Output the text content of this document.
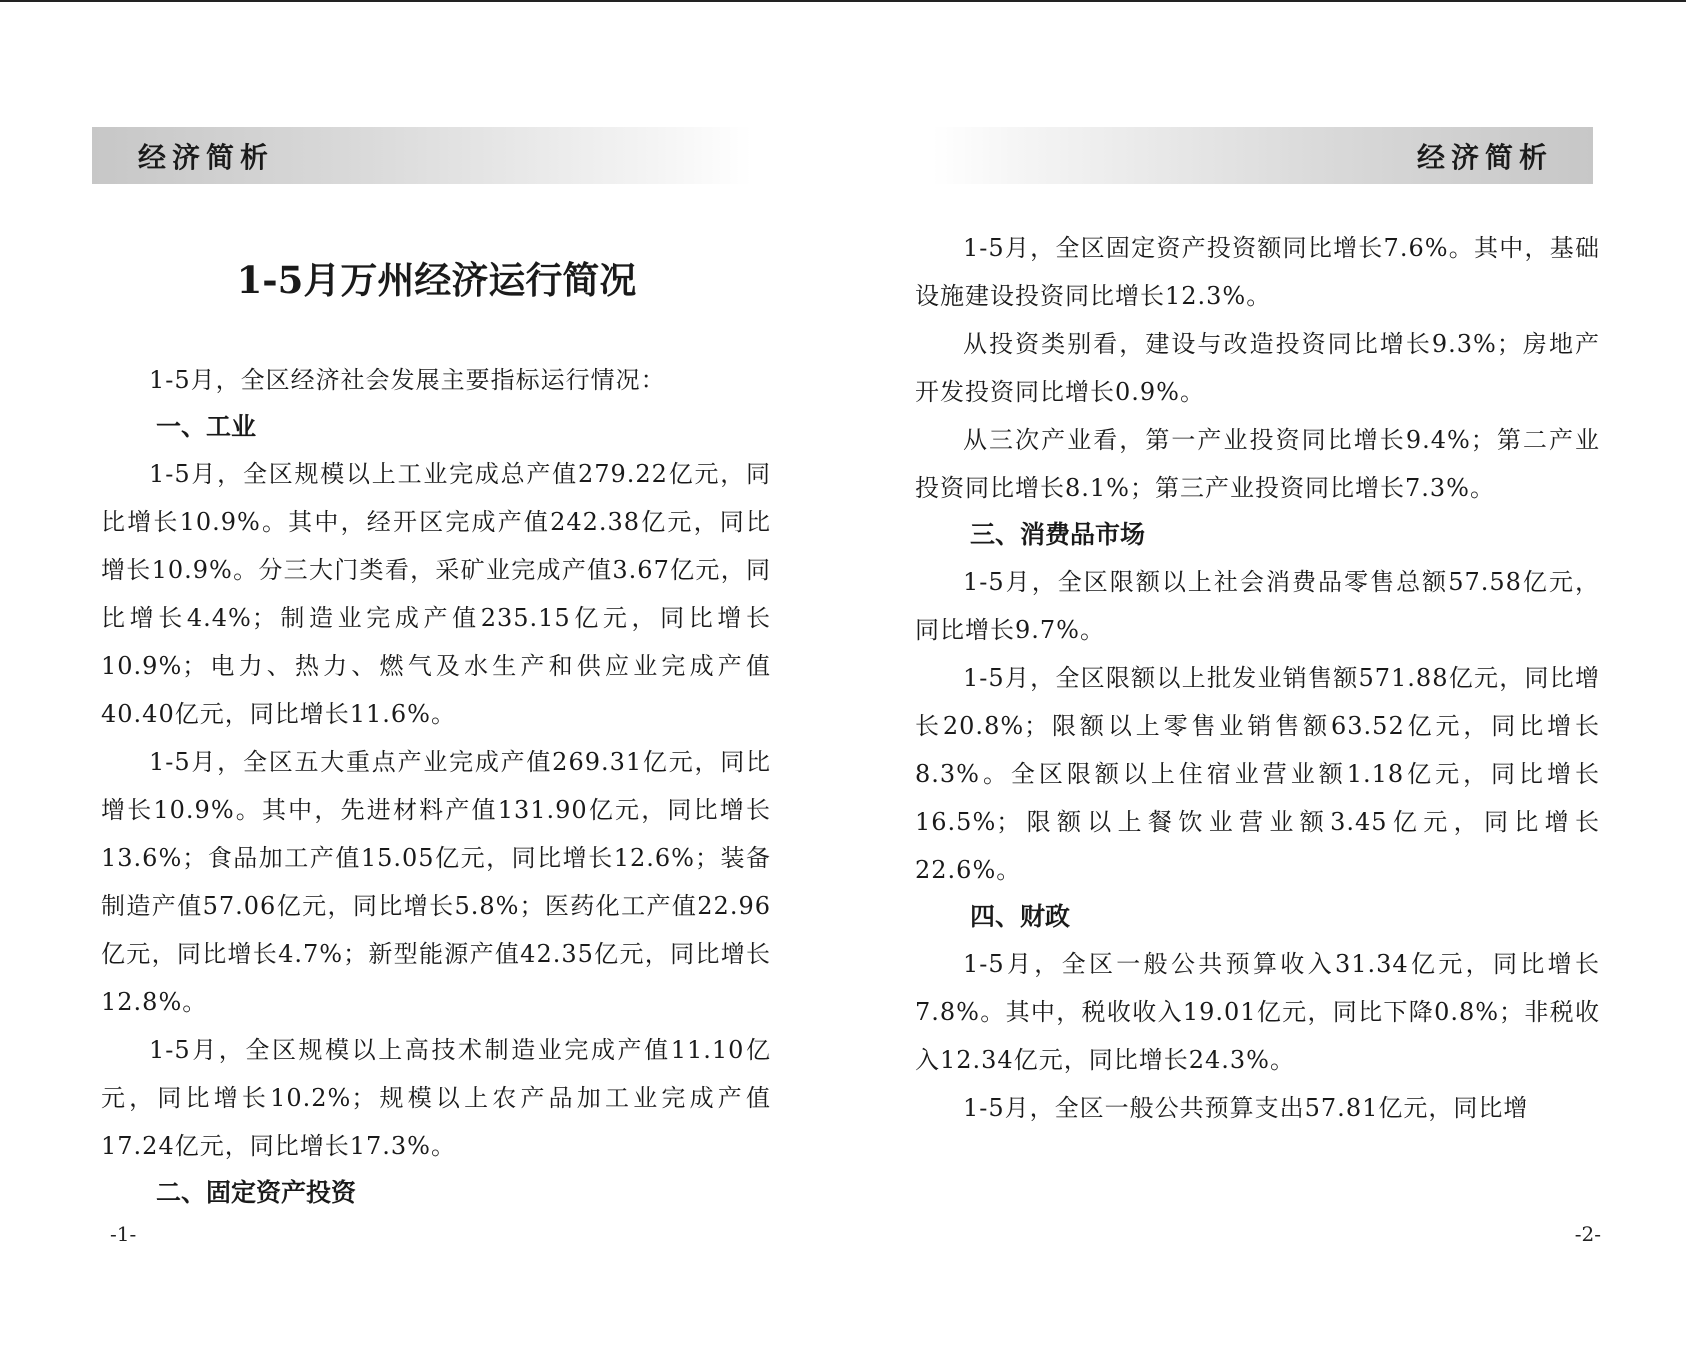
经济简析
1-5月万州经济运行简况

1-5月，全区经济社会发展主要指标运行情况：

一、工业

1-5月，全区规模以上工业完成总产值279.22亿元，同比增长10.9%。其中，经开区完成产值242.38亿元，同比增长10.9%。分三大门类看，采矿业完成产值3.67亿元，同比增长4.4%；制造业完成产值235.15亿元，同比增长10.9%；电力、热力、燃气及水生产和供应业完成产值40.40亿元，同比增长11.6%。

1-5月，全区五大重点产业完成产值269.31亿元，同比增长10.9%。其中，先进材料产值131.90亿元，同比增长13.6%；食品加工产值15.05亿元，同比增长12.6%；装备制造产值57.06亿元，同比增长5.8%；医药化工产值22.96亿元，同比增长4.7%；新型能源产值42.35亿元，同比增长12.8%。

1-5月，全区规模以上高技术制造业完成产值11.10亿元，同比增长10.2%；规模以上农产品加工业完成产值17.24亿元，同比增长17.3%。

二、固定资产投资
-1-
经济简析

1-5月，全区固定资产投资额同比增长7.6%。其中，基础设施建设投资同比增长12.3%。

从投资类别看，建设与改造投资同比增长9.3%；房地产开发投资同比增长0.9%。

从三次产业看，第一产业投资同比增长9.4%；第二产业投资同比增长8.1%；第三产业投资同比增长7.3%。

三、消费品市场

1-5月，全区限额以上社会消费品零售总额57.58亿元，同比增长9.7%。

1-5月，全区限额以上批发业销售额571.88亿元，同比增长20.8%；限额以上零售业销售额63.52亿元，同比增长8.3%。全区限额以上住宿业营业额1.18亿元，同比增长16.5%；限额以上餐饮业营业额3.45亿元，同比增长22.6%。

四、财政

1-5月，全区一般公共预算收入31.34亿元，同比增长7.8%。其中，税收收入19.01亿元，同比下降0.8%；非税收入12.34亿元，同比增长24.3%。

1-5月，全区一般公共预算支出57.81亿元，同比增

-2-
